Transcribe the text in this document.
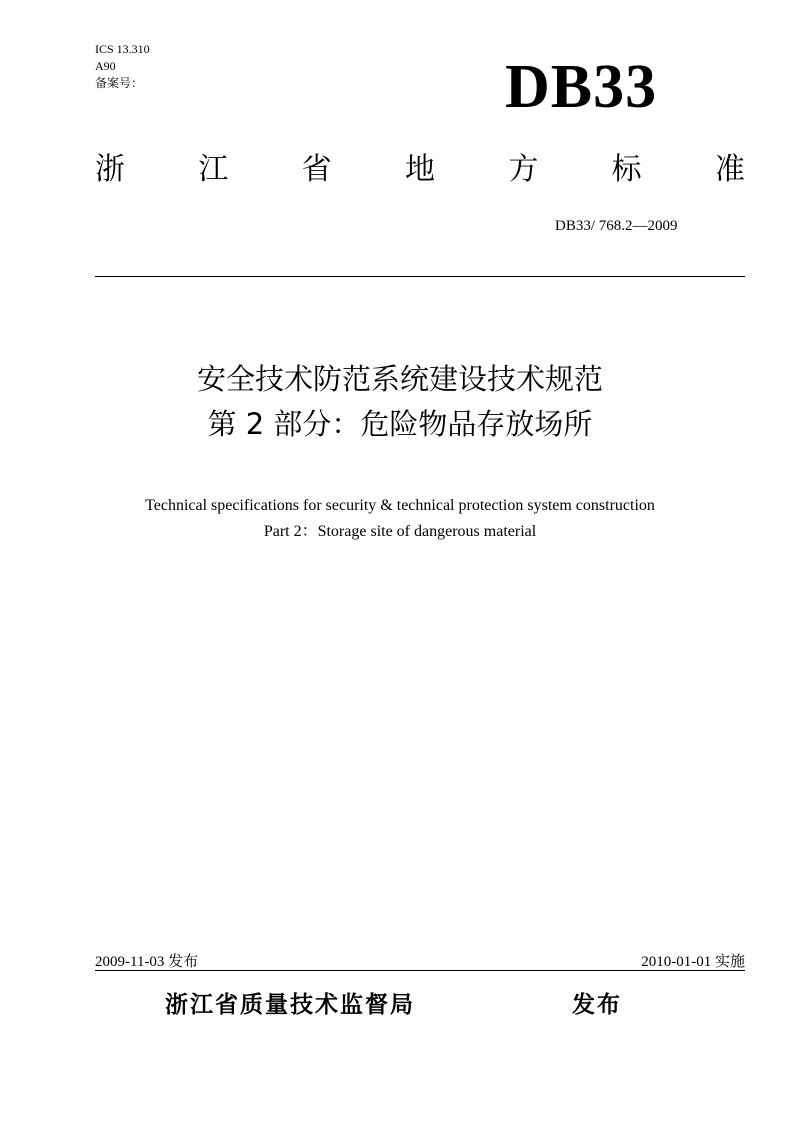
ICS 13.310
A90
备案号：	DB33
浙 江 省 地 方 标 准
DB33/ 768.2—2009
安全技术防范系统建设技术规范
第 2 部分：危险物品存放场所
Technical specifications for security & technical protection system construction
Part 2：Storage site of dangerous material
2009-11-03 发布	2010-01-01 实施
浙江省质量技术监督局	发布
